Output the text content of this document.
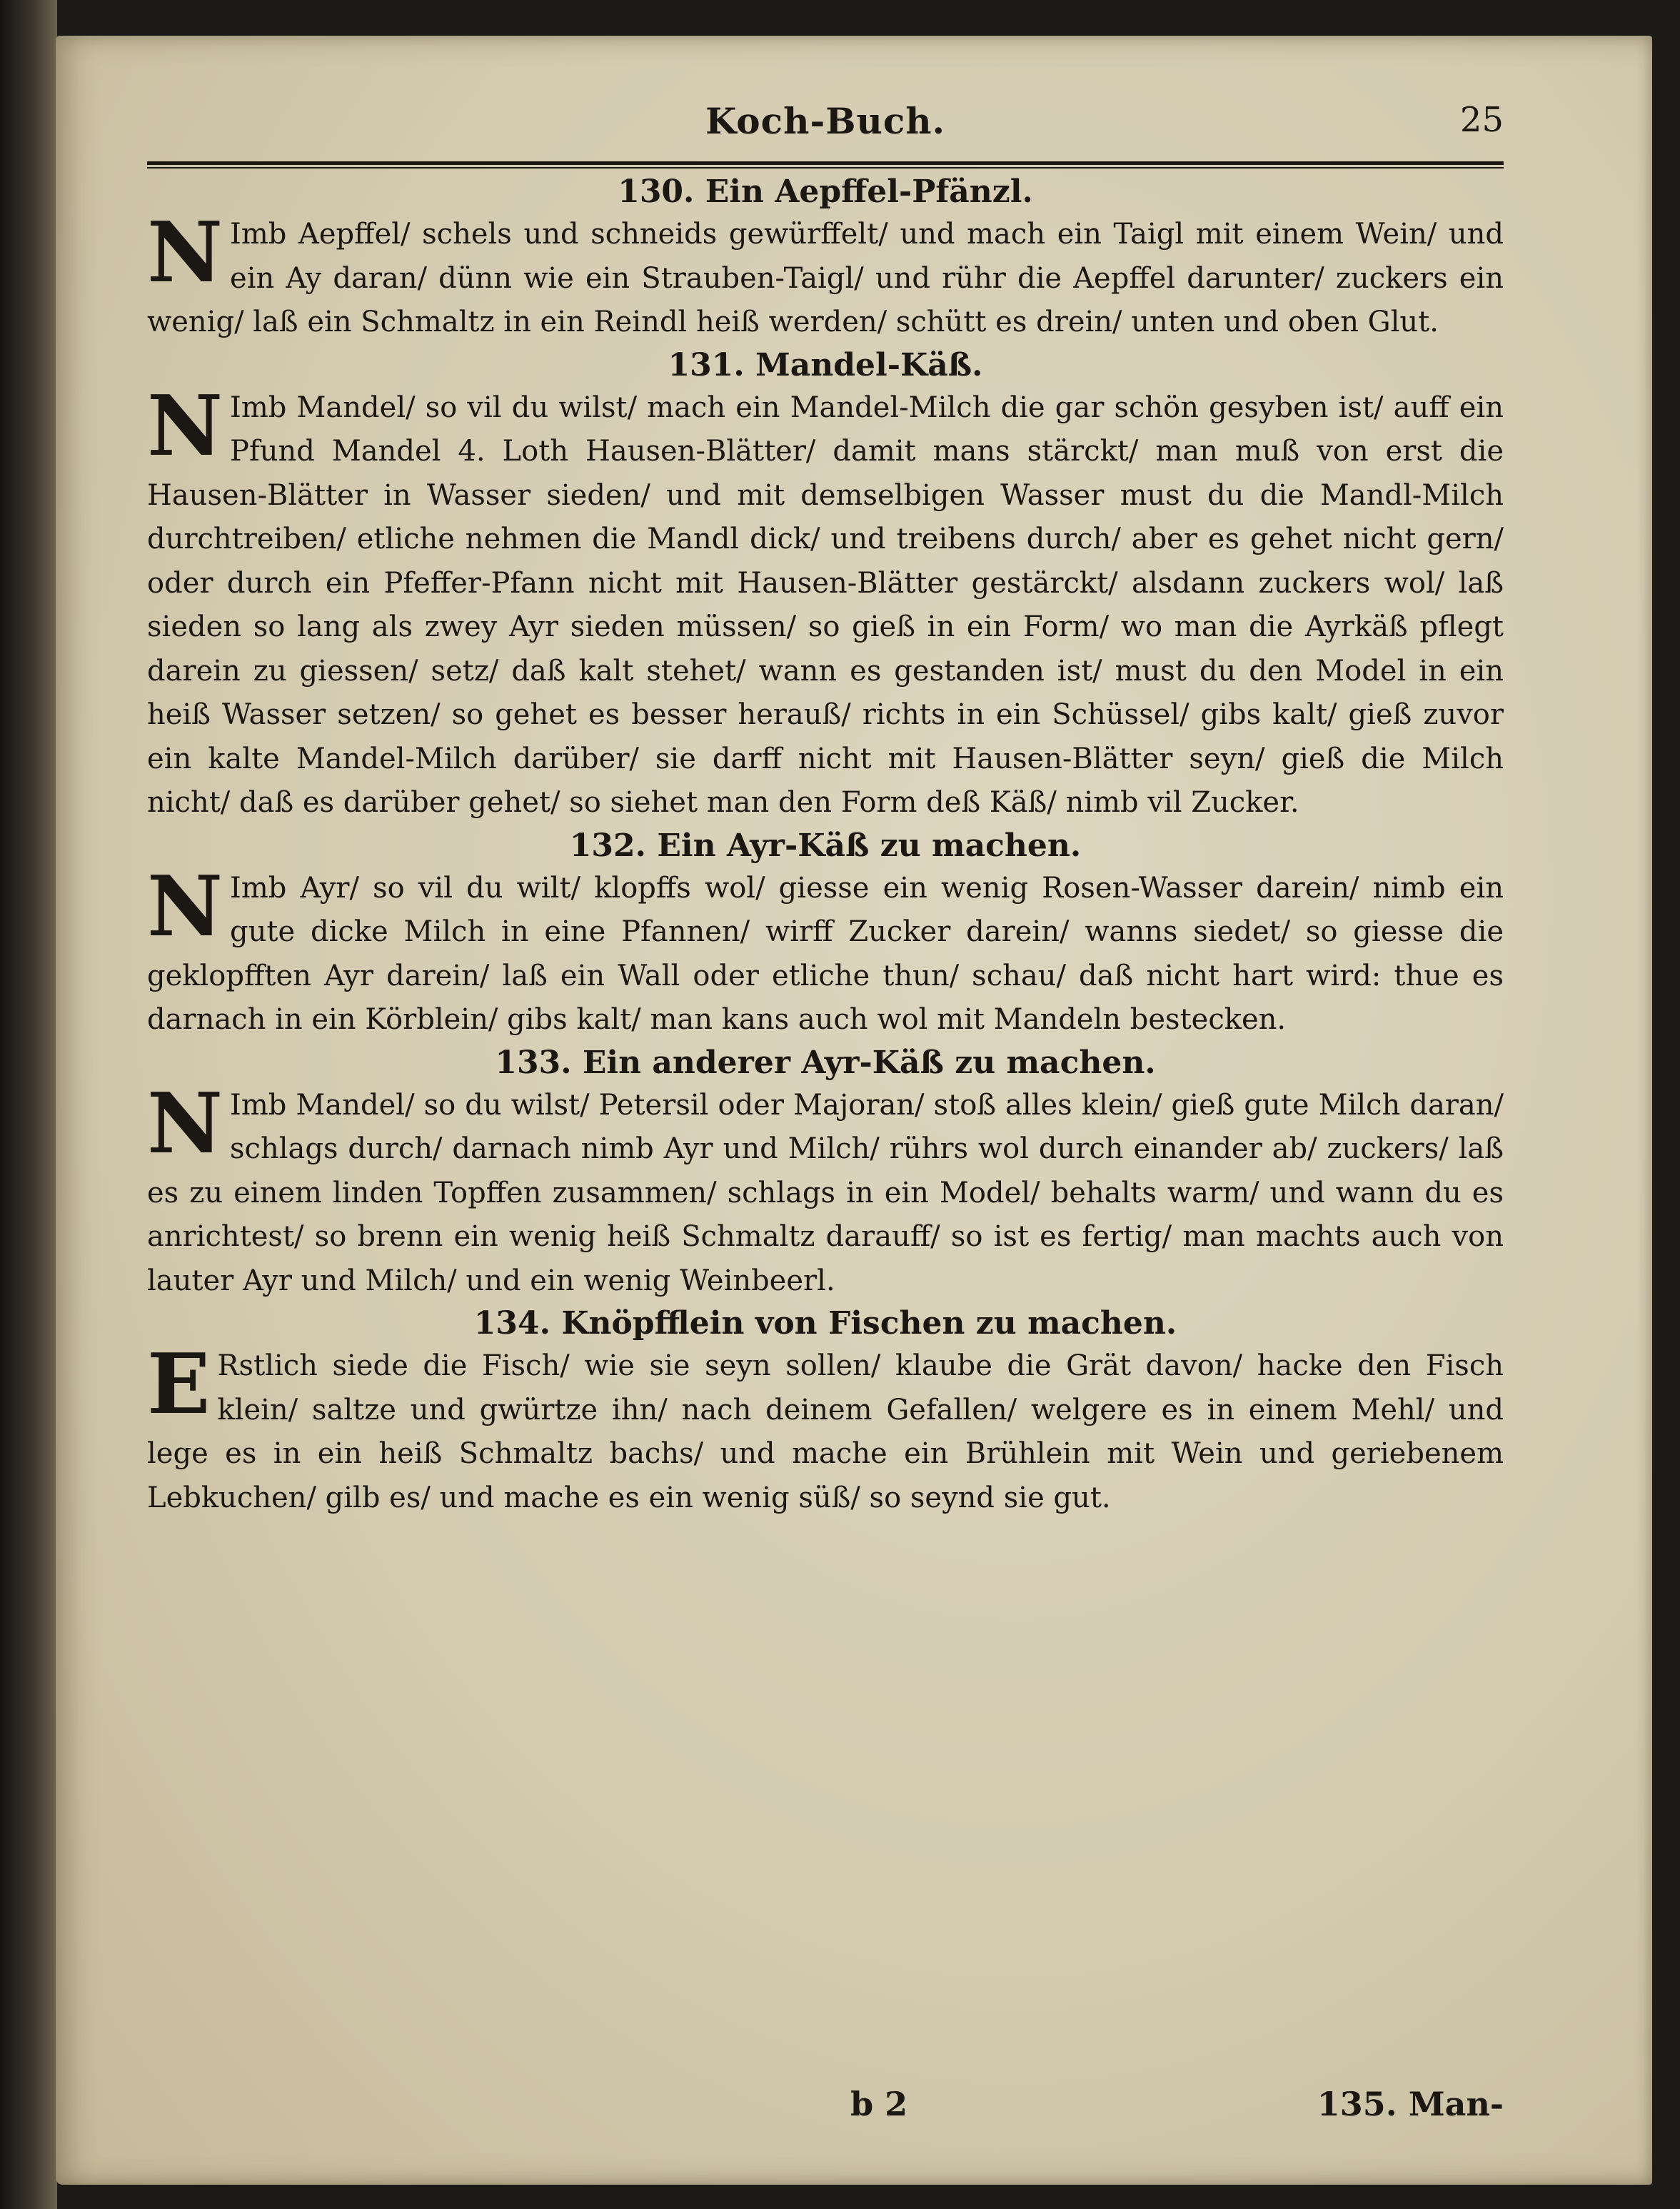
Koch-Buch.	25
130. Ein Aepffel-Pfänzl.

N Imb Aepffel/ schels und schneids gewürffelt/ und mach ein Taigl mit einem Wein/ und ein Ay daran/ dünn wie ein Strauben-Taigl/ und rühr die Aepffel darunter/ zuckers ein wenig/ laß ein Schmaltz in ein Reindl heiß werden/ schütt es drein/ unten und oben Glut.

131. Mandel-Käß.

N Imb Mandel/ so vil du wilst/ mach ein Mandel-Milch die gar schön gesyben ist/ auff ein Pfund Mandel 4. Loth Hausen-Blätter/ damit mans stärckt/ man muß von erst die Hausen-Blätter in Wasser sieden/ und mit demselbigen Wasser must du die Mandl-Milch durchtreiben/ etliche nehmen die Mandl dick/ und treibens durch/ aber es gehet nicht gern/ oder durch ein Pfeffer-Pfann nicht mit Hausen-Blätter gestärckt/ alsdann zuckers wol/ laß sieden so lang als zwey Ayr sieden müssen/ so gieß in ein Form/ wo man die Ayrkäß pflegt darein zu giessen/ setz/ daß kalt stehet/ wann es gestanden ist/ must du den Model in ein heiß Wasser setzen/ so gehet es besser herauß/ richts in ein Schüssel/ gibs kalt/ gieß zuvor ein kalte Mandel-Milch darüber/ sie darff nicht mit Hausen-Blätter seyn/ gieß die Milch nicht/ daß es darüber gehet/ so siehet man den Form deß Käß/ nimb vil Zucker.

132. Ein Ayr-Käß zu machen.

N Imb Ayr/ so vil du wilt/ klopffs wol/ giesse ein wenig Rosen-Wasser darein/ nimb ein gute dicke Milch in eine Pfannen/ wirff Zucker darein/ wanns siedet/ so giesse die geklopfften Ayr darein/ laß ein Wall oder etliche thun/ schau/ daß nicht hart wird: thue es darnach in ein Körblein/ gibs kalt/ man kans auch wol mit Mandeln bestecken.

133. Ein anderer Ayr-Käß zu machen.

N Imb Mandel/ so du wilst/ Petersil oder Majoran/ stoß alles klein/ gieß gute Milch daran/ schlags durch/ darnach nimb Ayr und Milch/ rührs wol durch einander ab/ zuckers/ laß es zu einem linden Topffen zusammen/ schlags in ein Model/ behalts warm/ und wann du es anrichtest/ so brenn ein wenig heiß Schmaltz darauff/ so ist es fertig/ man machts auch von lauter Ayr und Milch/ und ein wenig Weinbeerl.

134. Knöpfflein von Fischen zu machen.

E Rstlich siede die Fisch/ wie sie seyn sollen/ klaube die Grät davon/ hacke den Fisch klein/ saltze und gwürtze ihn/ nach deinem Gefallen/ welgere es in einem Mehl/ und lege es in ein heiß Schmaltz bachs/ und mache ein Brühlein mit Wein und geriebenem Lebkuchen/ gilb es/ und mache es ein wenig süß/ so seynd sie gut.

b 2	135. Man-
